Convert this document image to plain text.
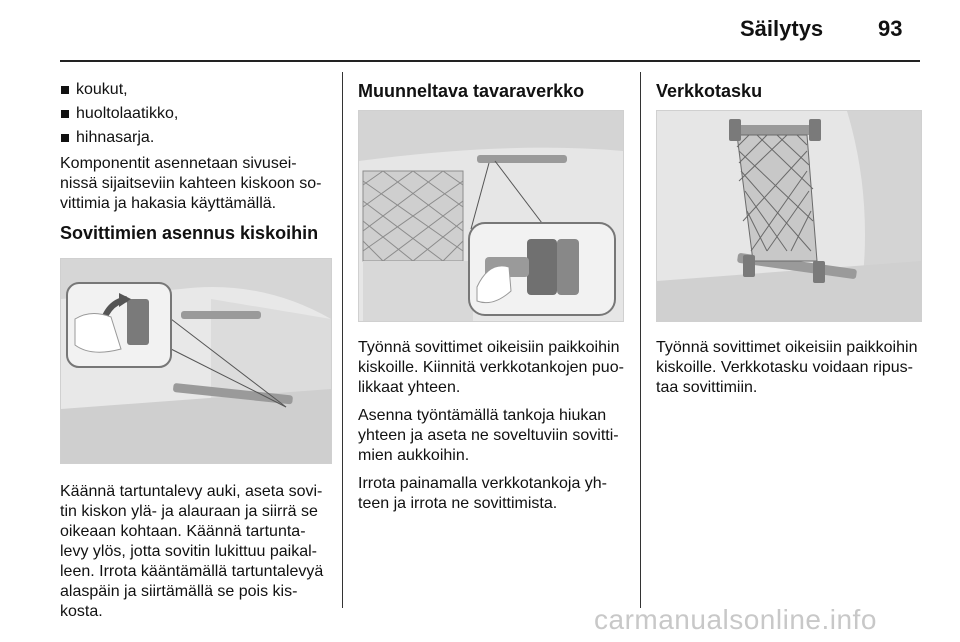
Säilytys 93
koukut,
huoltolaatikko,
hihnasarja.

Komponentit asennetaan sivusei-
nissä sijaitseviin kahteen kiskoon so-
vittimia ja hakasia käyttämällä.

Sovittimien asennus kiskoihin

Käännä tartuntalevy auki, aseta sovi-
tin kiskon ylä- ja alauraan ja siirrä se
oikeaan kohtaan. Käännä tartunta-
levy ylös, jotta sovitin lukittuu paikal-
leen. Irrota kääntämällä tartuntalevyä
alaspäin ja siirtämällä se pois kis-
kosta.

Muunneltava tavaraverkko

Työnnä sovittimet oikeisiin paikkoihin
kiskoille. Kiinnitä verkkotankojen puo-
likkaat yhteen.

Asenna työntämällä tankoja hiukan
yhteen ja aseta ne soveltuviin sovitti-
mien aukkoihin.

Irrota painamalla verkkotankoja yh-
teen ja irrota ne sovittimista.

Verkkotasku

Työnnä sovittimet oikeisiin paikkoihin
kiskoille. Verkkotasku voidaan ripus-
taa sovittimiin.

carmanualsonline.info
